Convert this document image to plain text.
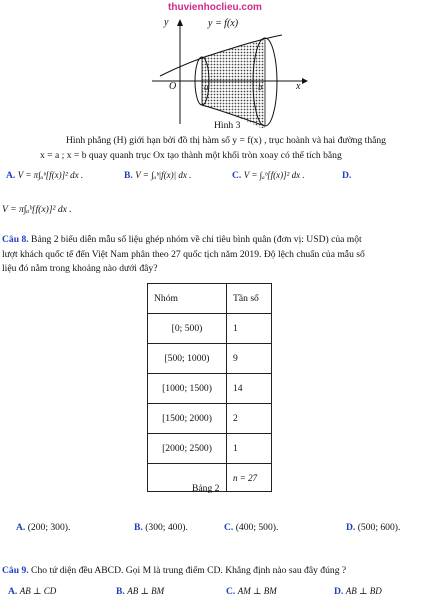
thuvienhoclieu.com
y	y = f(x)
O	a	b	x
Hình 3
Hình phẳng (H) giới hạn bởi đồ thị hàm số y = f(x) , trục hoành và hai đường thẳng
x = a ; x = b quay quanh trục Ox tạo thành một khối tròn xoay có thể tích bằng
A. V = π∫ₐᵇ[f(x)]² dx .	B. V = ∫ₐᵇ|f(x)| dx .	C. V = ∫ₐᵇ[f(x)]² dx .	D.
V = π∫ₐᵇ[f(x)]² dx .
Câu 8. Bảng 2 biểu diễn mẫu số liệu ghép nhóm về chi tiêu bình quân (đơn vị: USD) của một
lượt khách quốc tế đến Việt Nam phân theo 27 quốc tịch năm 2019. Độ lệch chuẩn của mẫu số
liệu đó nằm trong khoảng nào dưới đây?
Nhóm	Tần số
[0; 500)	1
[500; 1000)	9
[1000; 1500)	14
[1500; 2000)	2
[2000; 2500)	1
	n = 27
Bảng 2
A. (200; 300).	B. (300; 400).	C. (400; 500).	D. (500; 600).
Câu 9. Cho tứ diện đều ABCD. Gọi M là trung điểm CD. Khẳng định nào sau đây đúng ?
A. AB ⊥ CD	B. AB ⊥ BM	C. AM ⊥ BM	D. AB ⊥ BD
